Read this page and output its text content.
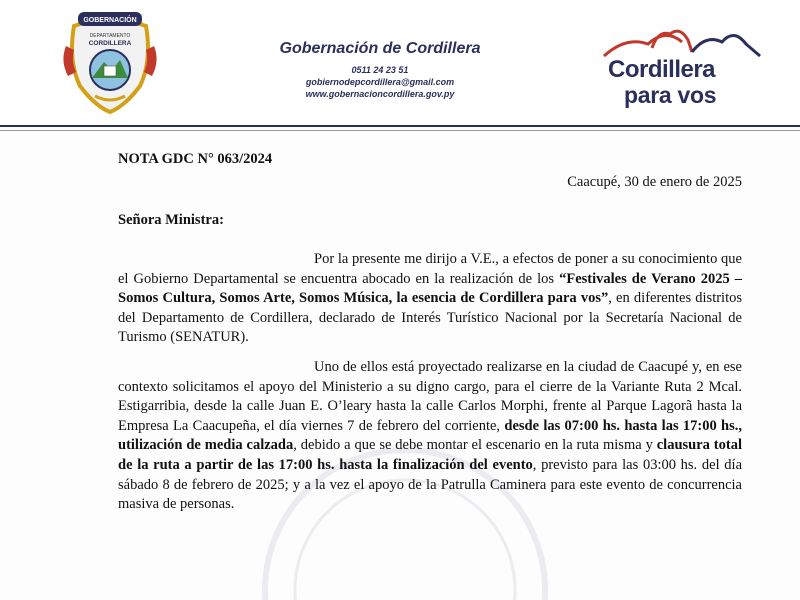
GOBERNACIÓN
DEPARTAMENTO
CORDILLERA	Gobernación de Cordillera
0511 24 23 51
gobiernodepcordillera@gmail.com
www.gobernacioncordillera.gov.py
Cordillera
para vos
NOTA GDC N° 063/2024
Caacupé, 30 de enero de 2025
Señora Ministra:
Por la presente me dirijo a V.E., a efectos de poner a su conocimiento que el Gobierno Departamental se encuentra abocado en la realización de los “Festivales de Verano 2025 – Somos Cultura, Somos Arte, Somos Música, la esencia de Cordillera para vos”, en diferentes distritos del Departamento de Cordillera, declarado de Interés Turístico Nacional por la Secretaría Nacional de Turismo (SENATUR).
Uno de ellos está proyectado realizarse en la ciudad de Caacupé y, en ese contexto solicitamos el apoyo del Ministerio a su digno cargo, para el cierre de la Variante Ruta 2 Mcal. Estigarribia, desde la calle Juan E. O’leary hasta la calle Carlos Morphi, frente al Parque Lagorã hasta la Empresa La Caacupeña, el día viernes 7 de febrero del corriente, desde las 07:00 hs. hasta las 17:00 hs., utilización de media calzada, debido a que se debe montar el escenario en la ruta misma y clausura total de la ruta a partir de las 17:00 hs. hasta la finalización del evento, previsto para las 03:00 hs. del día sábado 8 de febrero de 2025; y a la vez el apoyo de la Patrulla Caminera para este evento de concurrencia masiva de personas.
